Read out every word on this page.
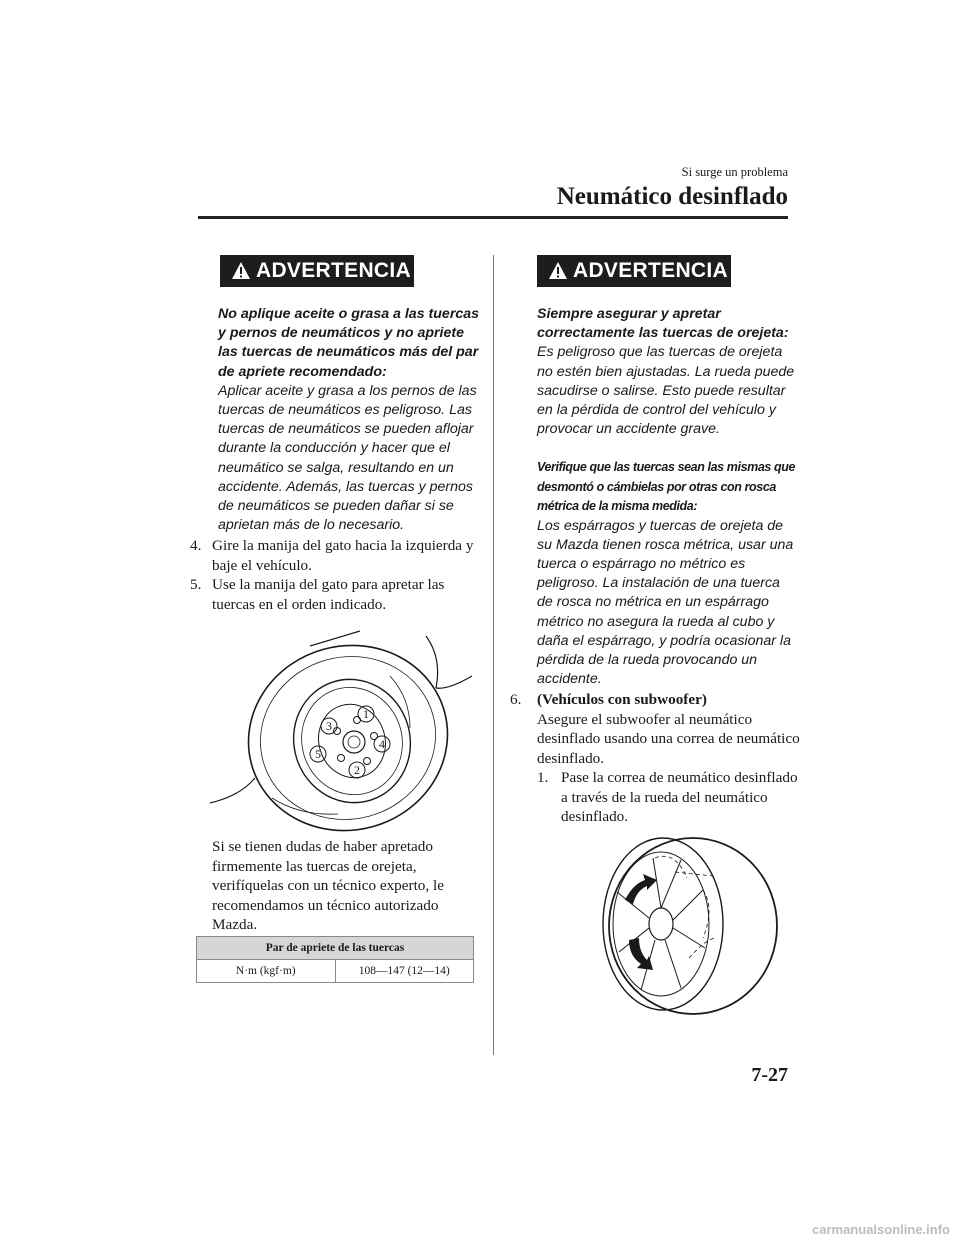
Si surge un problema
Neumático desinflado
ADVERTENCIA
No aplique aceite o grasa a las tuercas y pernos de neumáticos y no apriete las tuercas de neumáticos más del par de apriete recomendado:
Aplicar aceite y grasa a los pernos de las tuercas de neumáticos es peligroso. Las tuercas de neumáticos se pueden aflojar durante la conducción y hacer que el neumático se salga, resultando en un accidente. Además, las tuercas y pernos de neumáticos se pueden dañar si se aprietan más de lo necesario.
4. Gire la manija del gato hacia la izquierda y baje el vehículo.
5. Use la manija del gato para apretar las tuercas en el orden indicado.
1
2
3
4
5
Si se tienen dudas de haber apretado firmemente las tuercas de orejeta, verifíquelas con un técnico experto, le recomendamos un técnico autorizado Mazda.
Par de apriete de las tuercas
N·m (kgf·m)	108—147 (12—14)
ADVERTENCIA
Siempre asegurar y apretar correctamente las tuercas de orejeta:
Es peligroso que las tuercas de orejeta no estén bien ajustadas. La rueda puede sacudirse o salirse. Esto puede resultar en la pérdida de control del vehículo y provocar un accidente grave.
Verifique que las tuercas sean las mismas que desmontó o cámbielas por otras con rosca métrica de la misma medida:
Los espárragos y tuercas de orejeta de su Mazda tienen rosca métrica, usar una tuerca o espárrago no métrico es peligroso. La instalación de una tuerca de rosca no métrica en un espárrago métrico no asegura la rueda al cubo y daña el espárrago, y podría ocasionar la pérdida de la rueda provocando un accidente.
6.	(Vehículos con subwoofer)
Asegure el subwoofer al neumático desinflado usando una correa de neumático desinflado.
1. Pase la correa de neumático desinflado a través de la rueda del neumático desinflado.
7-27
carmanualsonline.info
